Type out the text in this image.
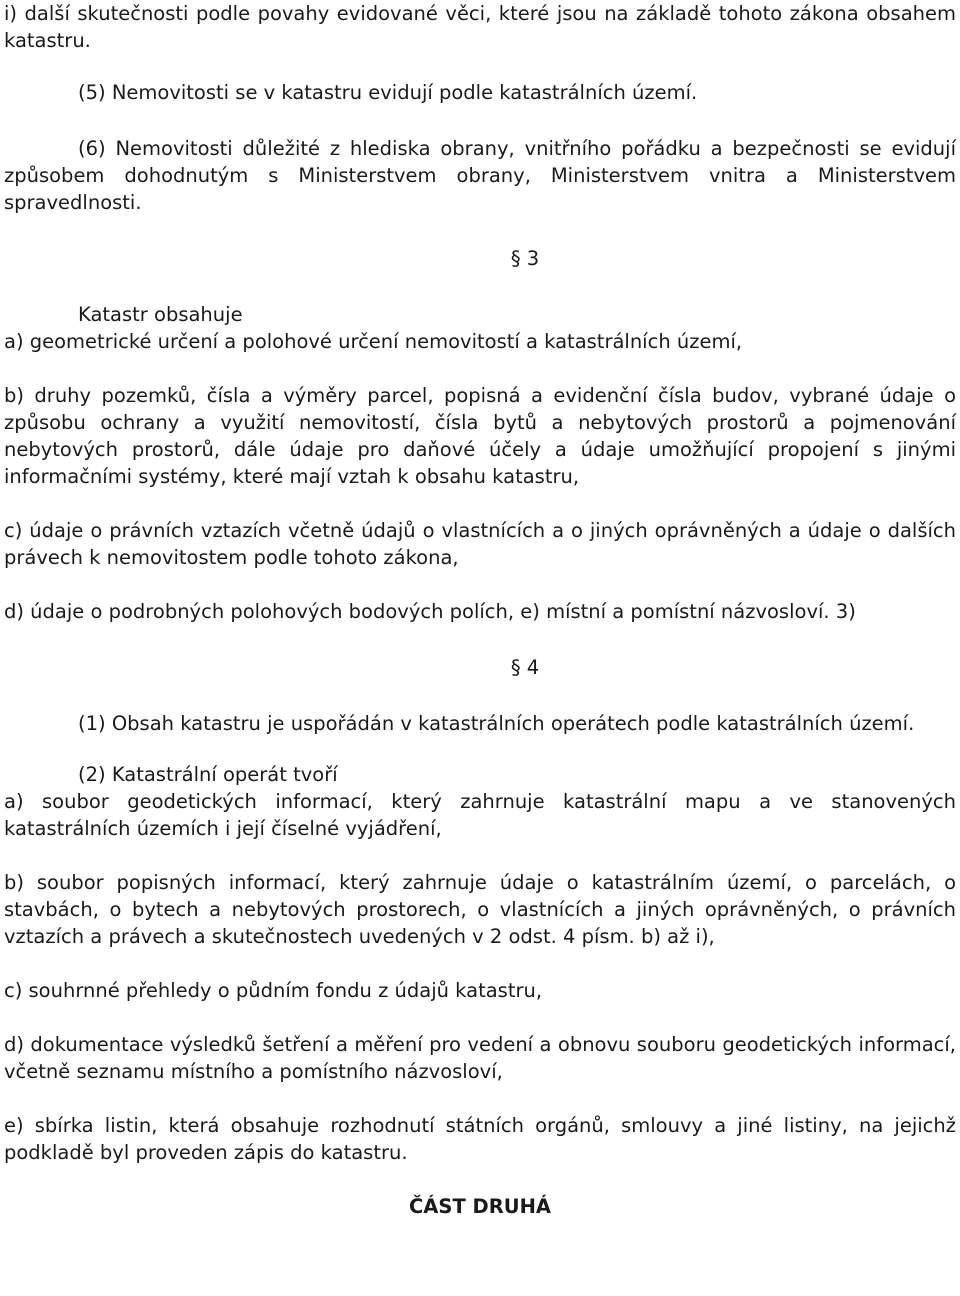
i) další skutečnosti podle povahy evidované věci, které jsou na základě tohoto zákona obsahem katastru.

(5) Nemovitosti se v katastru evidují podle katastrálních území.

(6) Nemovitosti důležité z hlediska obrany, vnitřního pořádku a bezpečnosti se evidují způsobem dohodnutým s Ministerstvem obrany, Ministerstvem vnitra a Ministerstvem spravedlnosti.

§ 3

Katastr obsahuje

a) geometrické určení a polohové určení nemovitostí a katastrálních území,

b) druhy pozemků, čísla a výměry parcel, popisná a evidenční čísla budov, vybrané údaje o způsobu ochrany a využití nemovitostí, čísla bytů a nebytových prostorů a pojmenování nebytových prostorů, dále údaje pro daňové účely a údaje umožňující propojení s jinými informačními systémy, které mají vztah k obsahu katastru,

c) údaje o právních vztazích včetně údajů o vlastnících a o jiných oprávněných a údaje o dalších právech k nemovitostem podle tohoto zákona,

d) údaje o podrobných polohových bodových polích, e) místní a pomístní názvosloví. 3)

§ 4

(1) Obsah katastru je uspořádán v katastrálních operátech podle katastrálních území.

(2) Katastrální operát tvoří

a) soubor geodetických informací, který zahrnuje katastrální mapu a ve stanovených katastrálních územích i její číselné vyjádření,

b) soubor popisných informací, který zahrnuje údaje o katastrálním území, o parcelách, o stavbách, o bytech a nebytových prostorech, o vlastnících a jiných oprávněných, o právních vztazích a právech a skutečnostech uvedených v 2 odst. 4 písm. b) až i),

c) souhrnné přehledy o půdním fondu z údajů katastru,

d) dokumentace výsledků šetření a měření pro vedení a obnovu souboru geodetických informací, včetně seznamu místního a pomístního názvosloví,

e) sbírka listin, která obsahuje rozhodnutí státních orgánů, smlouvy a jiné listiny, na jejichž podkladě byl proveden zápis do katastru.

ČÁST DRUHÁ
